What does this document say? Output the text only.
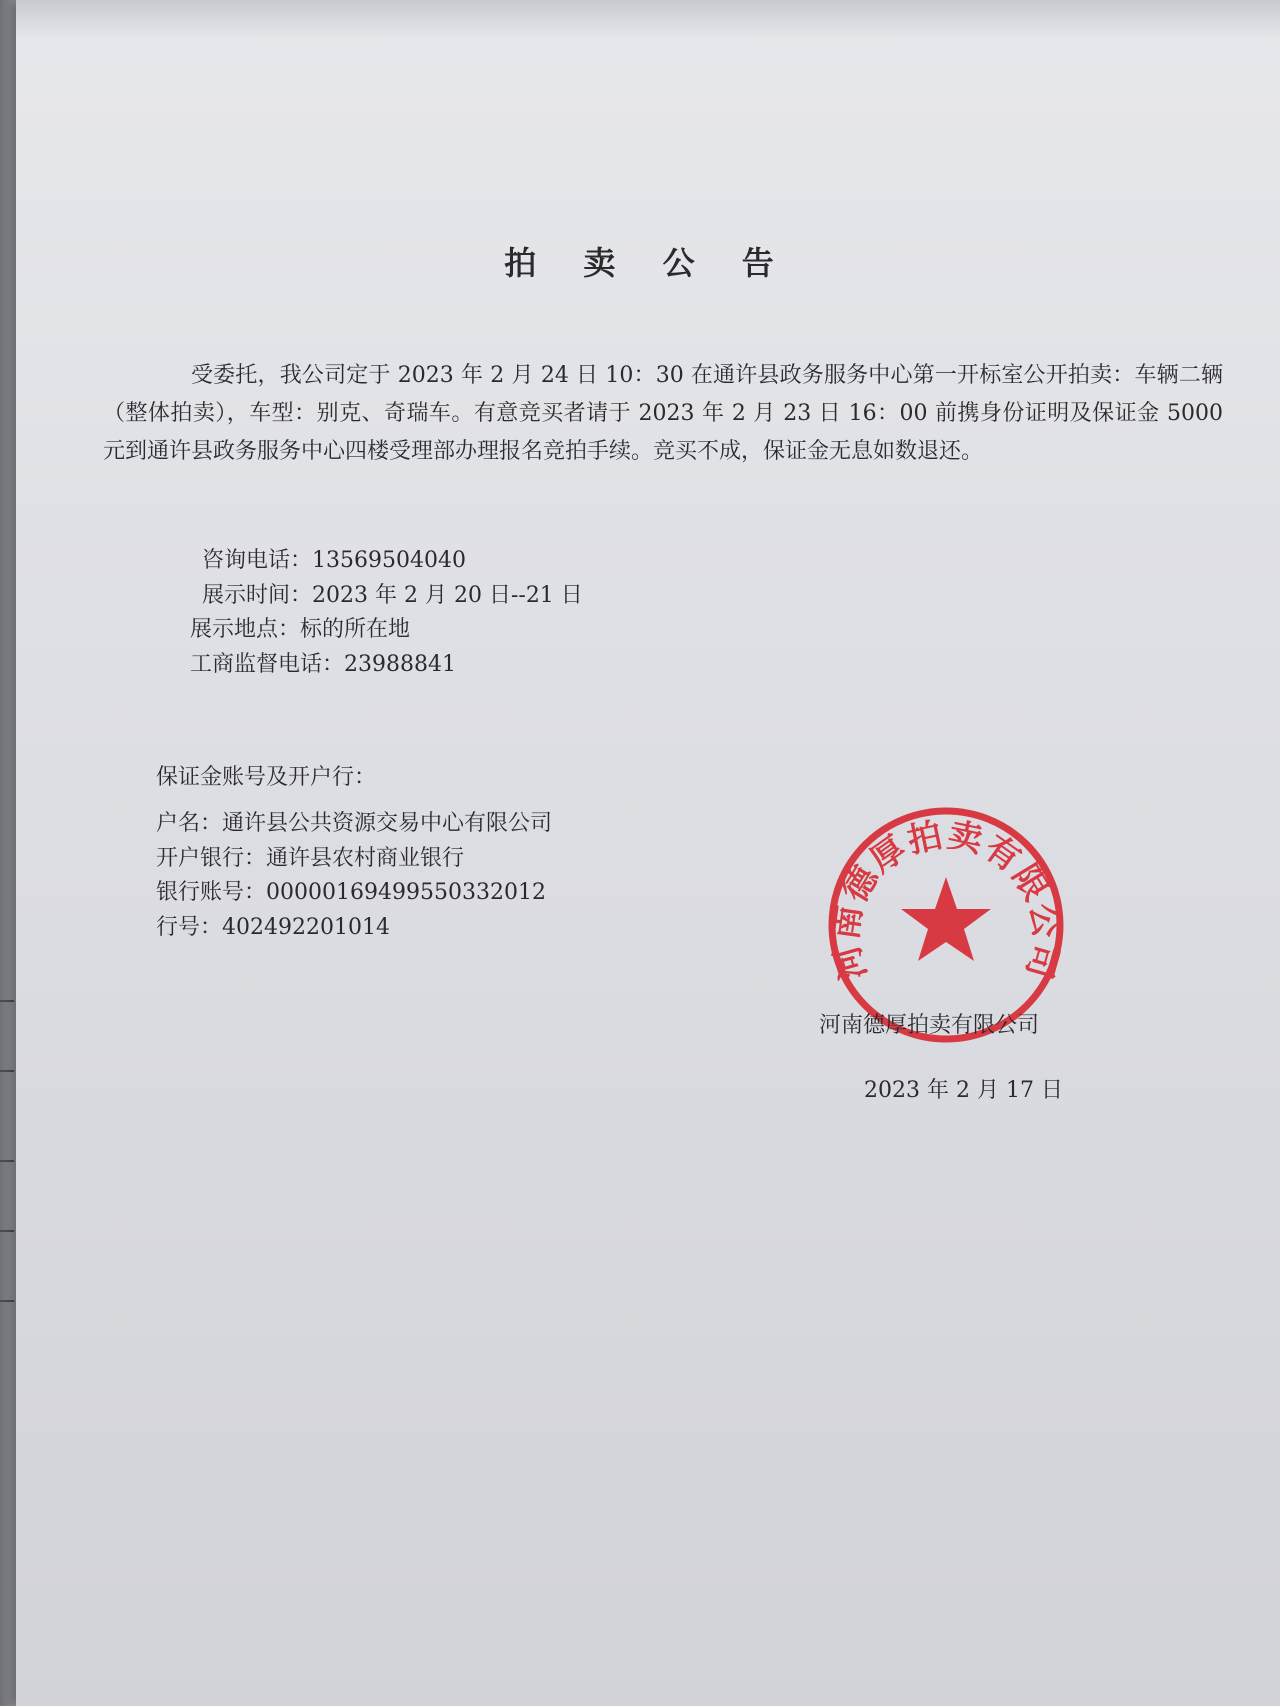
拍 卖 公 告
受委托，我公司定于 2023 年 2 月 24 日 10：30 在通许县政务服务中心第一开标室公开拍卖：车辆二辆（整体拍卖），车型：别克、奇瑞车。有意竞买者请于 2023 年 2 月 23 日 16：00 前携身份证明及保证金 5000 元到通许县政务服务中心四楼受理部办理报名竞拍手续。竞买不成，保证金无息如数退还。
咨询电话：13569504040
展示时间：2023 年 2 月 20 日--21 日
展示地点：标的所在地
工商监督电话：23988841
保证金账号及开户行：
户名：通许县公共资源交易中心有限公司
开户银行：通许县农村商业银行
银行账号：00000169499550332012
行号：402492201014
河南德厚拍卖有限公司
河南德厚拍卖有限公司
2023 年 2 月 17 日
